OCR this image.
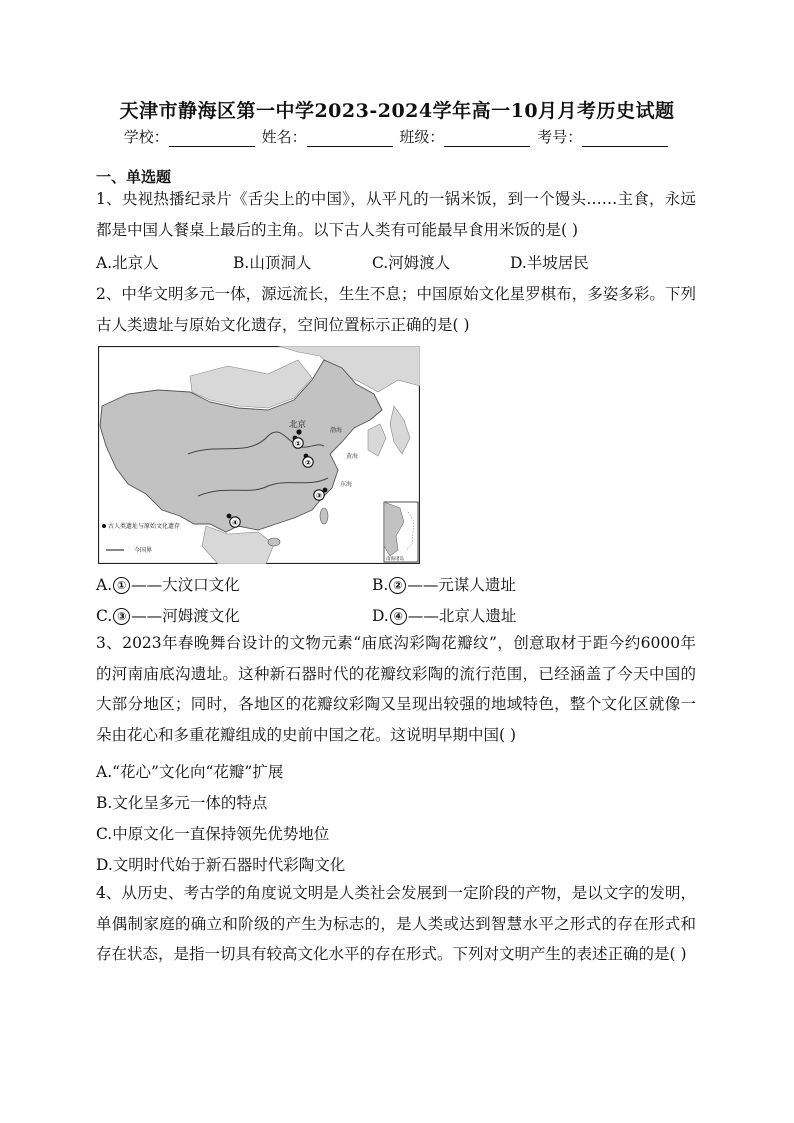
天津市静海区第一中学2023-2024学年高一10月月考历史试题
学校：	姓名：	班级：	考号：
一、单选题

1、央视热播纪录片《舌尖上的中国》，从平凡的一锅米饭，到一个馒头……主食，永远都是中国人餐桌上最后的主角。以下古人类有可能最早食用米饭的是( )

A.北京人	B.山顶洞人	C.河姆渡人	D.半坡居民

2、中华文明多元一体，源远流长，生生不息；中国原始文化星罗棋布，多姿多彩。下列古人类遗址与原始文化遗存，空间位置标示正确的是( )

渤海
黄海
东海
北京
①
②
③
④
古人类遗址与原始文化遗存
今国界
南海诸岛
A. ① ——大汶口文化	B. ② ——元谋人遗址
C. ③ ——河姆渡文化	D. ④ ——北京人遗址

3、2023年春晚舞台设计的文物元素“庙底沟彩陶花瓣纹”，创意取材于距今约6000年的河南庙底沟遗址。这种新石器时代的花瓣纹彩陶的流行范围，已经涵盖了今天中国的大部分地区；同时，各地区的花瓣纹彩陶又呈现出较强的地域特色，整个文化区就像一朵由花心和多重花瓣组成的史前中国之花。这说明早期中国( )

A.“花心”文化向“花瓣”扩展
B.文化呈多元一体的特点
C.中原文化一直保持领先优势地位
D.文明时代始于新石器时代彩陶文化

4、从历史、考古学的角度说文明是人类社会发展到一定阶段的产物，是以文字的发明，单偶制家庭的确立和阶级的产生为标志的，是人类或达到智慧水平之形式的存在形式和存在状态，是指一切具有较高文化水平的存在形式。下列对文明产生的表述正确的是( )
